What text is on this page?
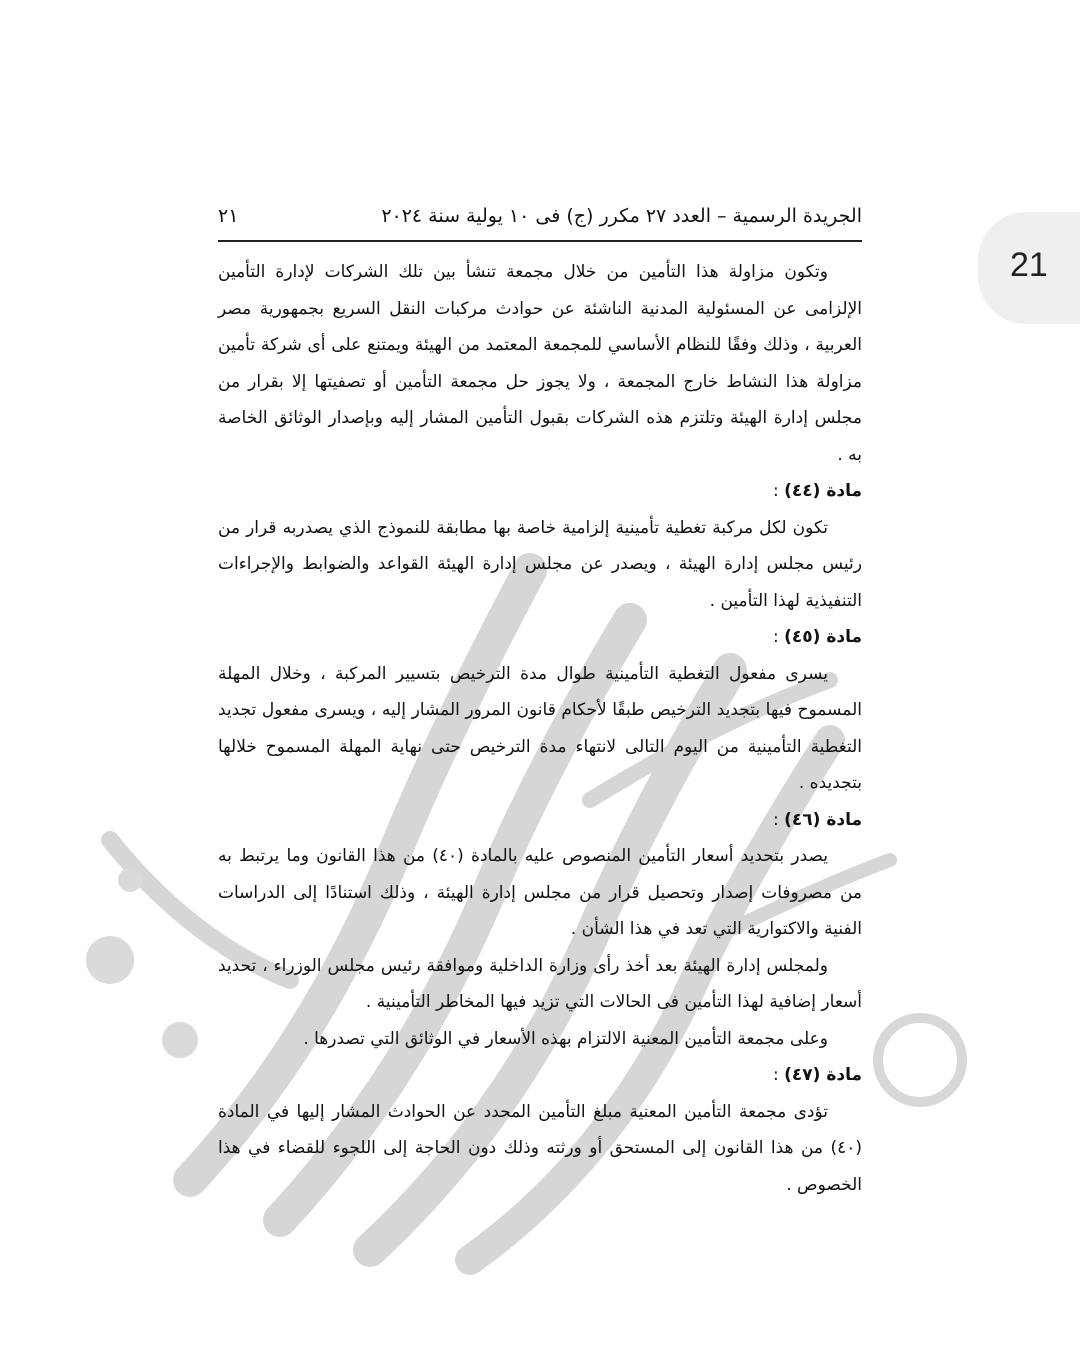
21
الجريدة الرسمية – العدد ٢٧ مكرر (ج) فى ١٠ يولية سنة ٢٠٢٤
٢١

وتكون مزاولة هذا التأمين من خلال مجمعة تنشأ بين تلك الشركات لإدارة التأمين الإلزامى عن المسئولية المدنية الناشئة عن حوادث مركبات النقل السريع بجمهورية مصر العربية ، وذلك وفقًا للنظام الأساسي للمجمعة المعتمد من الهيئة ويمتنع على أى شركة تأمين مزاولة هذا النشاط خارج المجمعة ، ولا يجوز حل مجمعة التأمين أو تصفيتها إلا بقرار من مجلس إدارة الهيئة وتلتزم هذه الشركات بقبول التأمين المشار إليه وبإصدار الوثائق الخاصة به .

مادة (٤٤) :

تكون لكل مركبة تغطية تأمينية إلزامية خاصة بها مطابقة للنموذج الذي يصدربه قرار من رئيس مجلس إدارة الهيئة ، ويصدر عن مجلس إدارة الهيئة القواعد والضوابط والإجراءات التنفيذية لهذا التأمين .

مادة (٤٥) :

يسرى مفعول التغطية التأمينية طوال مدة الترخيص بتسيير المركبة ، وخلال المهلة المسموح فيها بتجديد الترخيص طبقًا لأحكام قانون المرور المشار إليه ، ويسرى مفعول تجديد التغطية التأمينية من اليوم التالى لانتهاء مدة الترخيص حتى نهاية المهلة المسموح خلالها بتجديده .

مادة (٤٦) :

يصدر بتحديد أسعار التأمين المنصوص عليه بالمادة (٤٠) من هذا القانون وما يرتبط به من مصروفات إصدار وتحصيل قرار من مجلس إدارة الهيئة ، وذلك استنادًا إلى الدراسات الفنية والاكتوارية التي تعد في هذا الشأن .

ولمجلس إدارة الهيئة بعد أخذ رأى وزارة الداخلية وموافقة رئيس مجلس الوزراء ، تحديد أسعار إضافية لهذا التأمين فى الحالات التي تزيد فيها المخاطر التأمينية .

وعلى مجمعة التأمين المعنية الالتزام بهذه الأسعار في الوثائق التي تصدرها .

مادة (٤٧) :

تؤدى مجمعة التأمين المعنية مبلغ التأمين المحدد عن الحوادث المشار إليها في المادة (٤٠) من هذا القانون إلى المستحق أو ورثته وذلك دون الحاجة إلى اللجوء للقضاء في هذا الخصوص .
